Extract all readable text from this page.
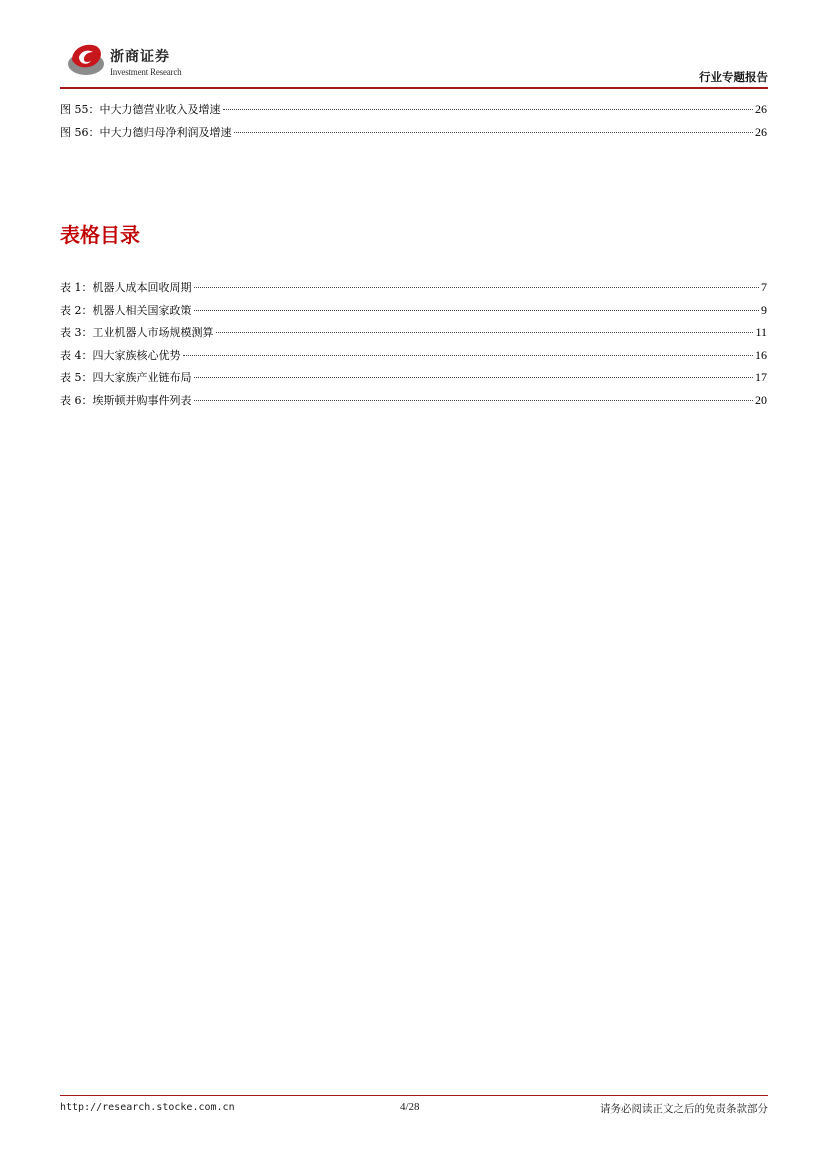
浙商证券
Investment Research	行业专题报告
图 55：中大力德营业收入及增速	26
图 56：中大力德归母净利润及增速	26
表格目录
表 1：机器人成本回收周期	7
表 2：机器人相关国家政策	9
表 3：工业机器人市场规模测算	11
表 4：四大家族核心优势	16
表 5：四大家族产业链布局	17
表 6：埃斯顿并购事件列表	20
http://research.stocke.com.cn	4/28	请务必阅读正文之后的免责条款部分
